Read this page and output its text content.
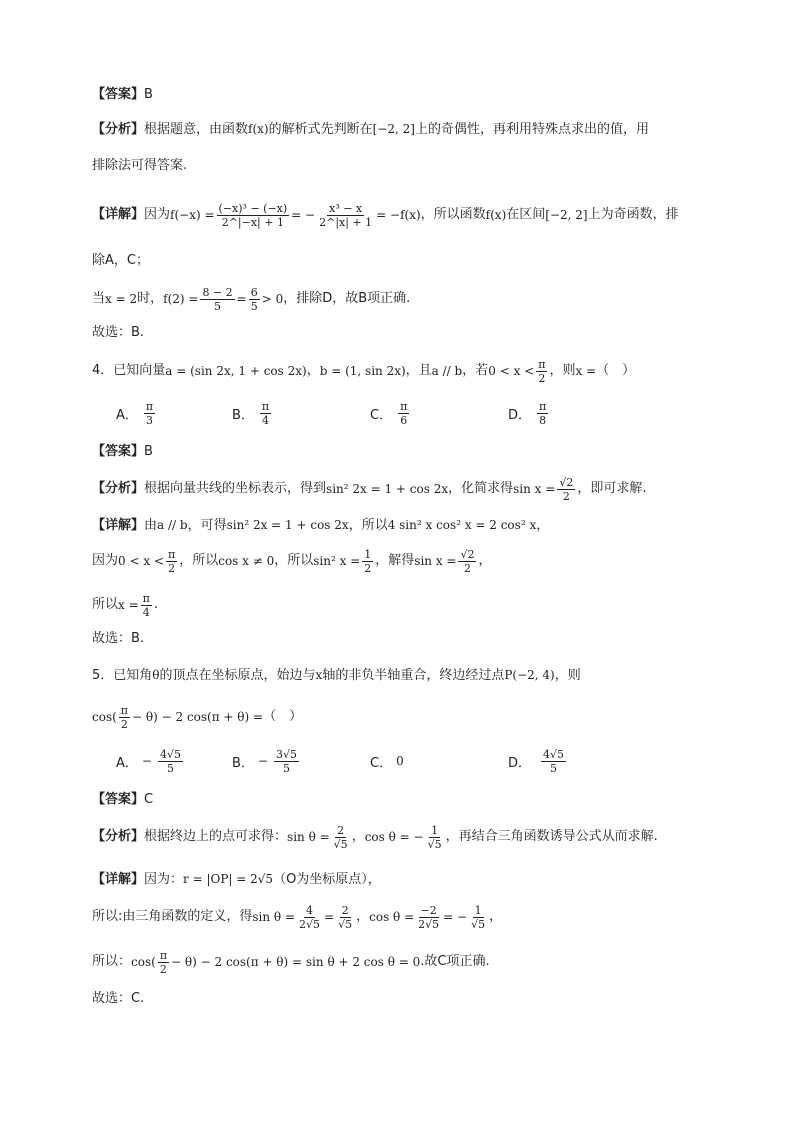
【答案】B
【分析】根据题意，由函数f(x)的解析式先判断在[−2, 2]上的奇偶性，再利用特殊点求出的值，用
排除法可得答案.
【详解】 因为 $f(-x) = \frac{\text{(−x)³ − (−x)}}{2\^{}|-x| + 1}$ = − $\frac{\text{x³ − x}}{2\^{}|x| + 1} = -f(x)$ ，所以函数 f(x) 在区间 [−2, 2] 上为奇函数，排
除A，C；
当 x = 2 时， $f(2) = \frac{8 - 2}{5} = \frac{6}{5} > 0$ ，排除D，故B项正确.
故选：B.
4．已知向量 a = (sin 2x, 1 + cos 2x) ， b = (1, sin 2x) ，且 a // b ，若 $0 < x < \frac{\pi}{2}$ ，则 x = （　）
A． $\frac{\pi}{3}$	B． $\frac{\pi}{4}$	C． $\frac{\pi}{6}$	D． $\frac{\pi}{8}$
【答案】B
【分析】 根据向量共线的坐标表示，得到 sin² 2x = 1 + cos 2x ，化简求得 $\sin x = \frac{√2}{2}$ ，即可求解.
【详解】由a // b，可得sin² 2x = 1 + cos 2x，所以4 sin² x cos² x = 2 cos² x，
因为 $0 < x < \frac{\pi}{2}$ ，所以 cos x ≠ 0 ，所以 sin² $x = \frac{1}{2}$ ，解得 $\sin x = \frac{√2}{2}$ ，
所以 $x = \frac{\pi}{4}$ .
故选：B.
5．已知角θ的顶点在坐标原点，始边与x轴的非负半轴重合，终边经过点P(−2, 4)，则
$\cos( \frac{\pi}{2} - \theta) - 2$ cos(π + θ) = （　）
A． − $\frac{4√5}{5}$	B． − $\frac{3√5}{5}$	C． 0	D． $\frac{4√5}{5}$
【答案】C
【分析】 根据终边上的点可求得： $\sin \theta = \frac{2}{√5}$ ， cos θ = − $\frac{1}{√5}$ ，再结合三角函数诱导公式从而求解.
【详解】因为：r = |OP| = 2√5（O为坐标原点），
所以:由三角函数的定义，得 $\sin \theta = \frac{4}{2√5} = \frac{2}{√5}$ ， $\cos \theta = \frac{-2}{2√5}$ = − $\frac{1}{√5}$ ，
所以： $\cos( \frac{\pi}{2} - \theta) - 2$ cos(π + θ) = sin θ + 2 cos θ = 0 .故C项正确.
故选：C.
